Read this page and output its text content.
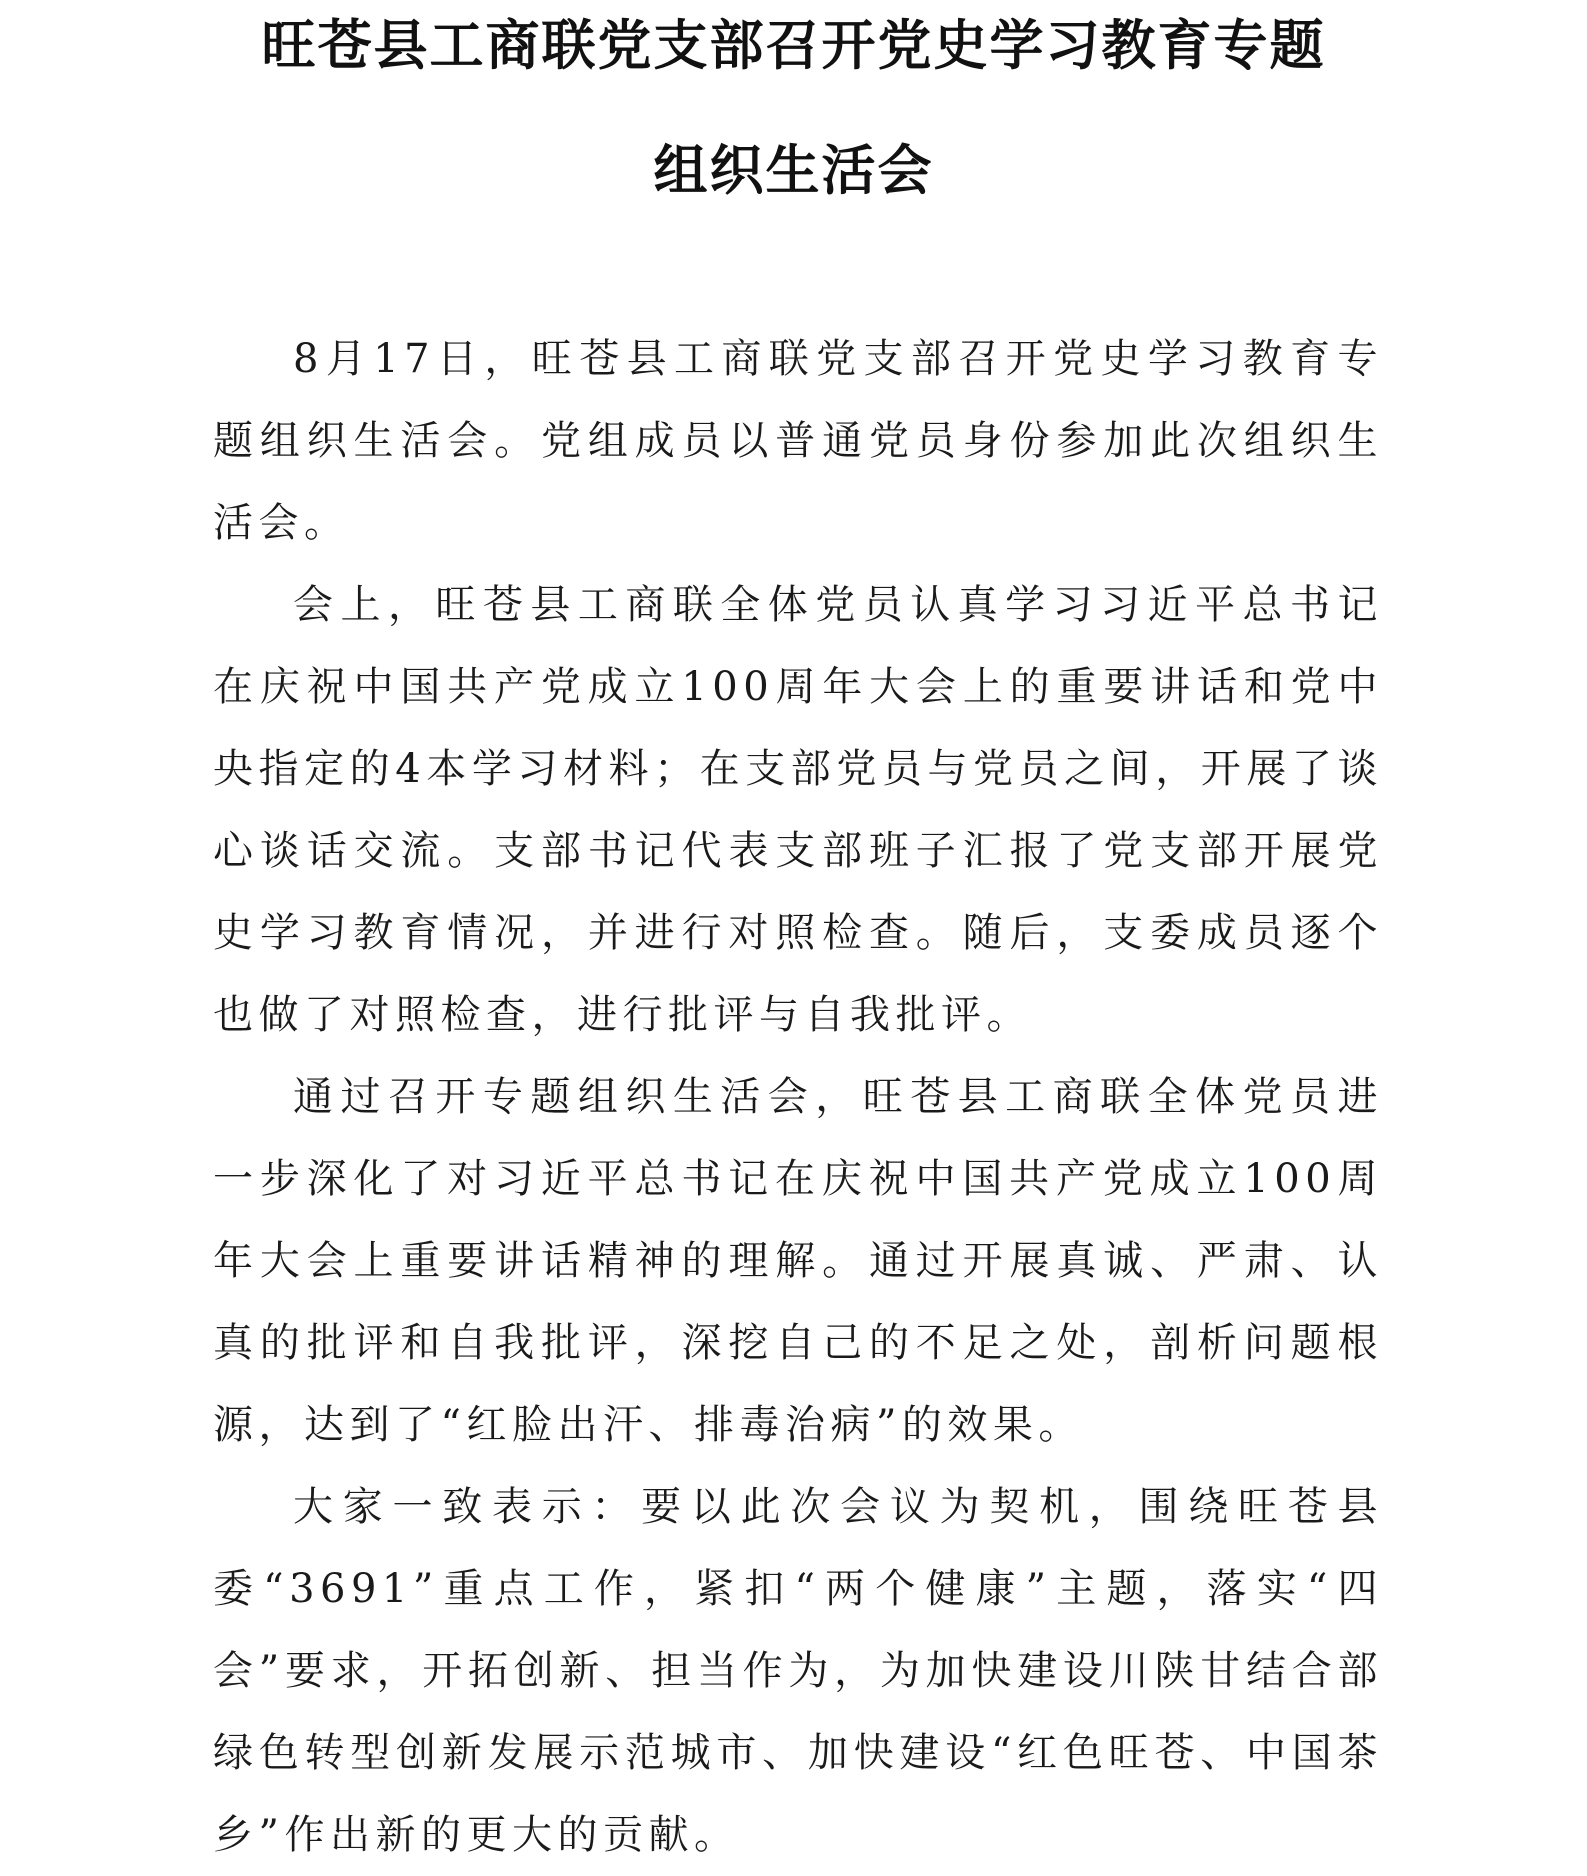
旺苍县工商联党支部召开党史学习教育专题
组织生活会

8月17日，旺苍县工商联党支部召开党史学习教育专题组织生活会。党组成员以普通党员身份参加此次组织生活会。

会上，旺苍县工商联全体党员认真学习习近平总书记在庆祝中国共产党成立100周年大会上的重要讲话和党中央指定的4本学习材料；在支部党员与党员之间，开展了谈心谈话交流。支部书记代表支部班子汇报了党支部开展党史学习教育情况，并进行对照检查。随后，支委成员逐个也做了对照检查，进行批评与自我批评。

通过召开专题组织生活会，旺苍县工商联全体党员进一步深化了对习近平总书记在庆祝中国共产党成立100周年大会上重要讲话精神的理解。通过开展真诚、严肃、认真的批评和自我批评，深挖自己的不足之处，剖析问题根源，达到了“红脸出汗、排毒治病”的效果。

大家一致表示：要以此次会议为契机，围绕旺苍县委“3691”重点工作，紧扣“两个健康”主题，落实“四会”要求，开拓创新、担当作为，为加快建设川陕甘结合部绿色转型创新发展示范城市、加快建设“红色旺苍、中国茶乡”作出新的更大的贡献。
